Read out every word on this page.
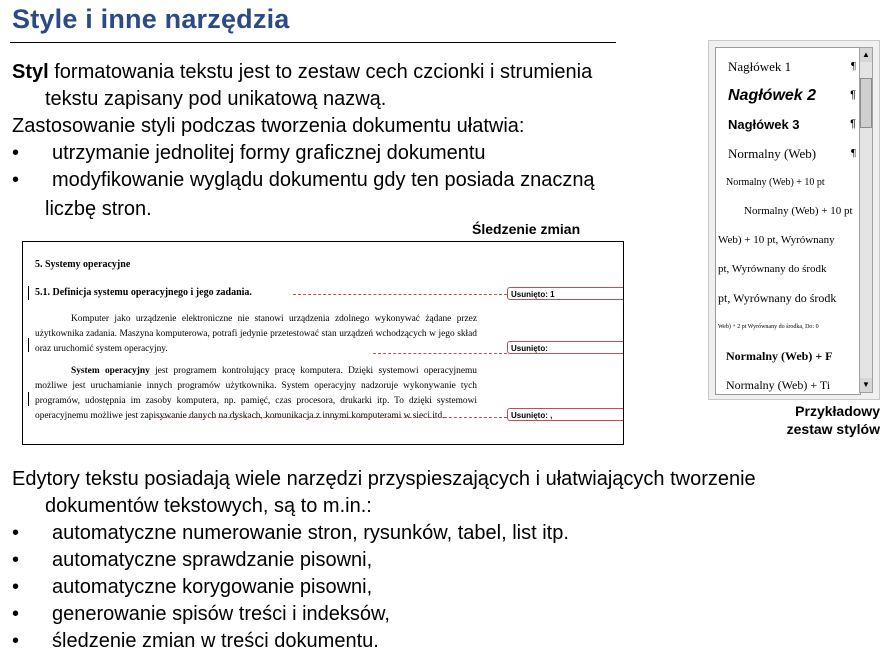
Style i inne narzędzia
Styl formatowania tekstu jest to zestaw cech czcionki i strumienia
tekstu zapisany pod unikatową nazwą.
Zastosowanie styli podczas tworzenia dokumentu ułatwia:
• utrzymanie jednolitej formy graficznej dokumentu
• modyfikowanie wyglądu dokumentu gdy ten posiada znaczną
liczbę stron.
Śledzenie zmian
5. Systemy operacyjne
5.1. Definicja systemu operacyjnego i jego zadania.
Komputer jako urządzenie elektroniczne nie stanowi urządzenia zdolnego wykonywać żądane przez użytkownika zadania. Maszyna komputerowa, potrafi jedynie przetestować stan urządzeń wchodzących w jego skład oraz uruchomić system operacyjny.
System operacyjny jest programem kontrolujący pracę komputera. Dzięki systemowi operacyjnemu możliwe jest uruchamianie innych programów użytkownika. System operacyjny nadzoruje wykonywanie tych programów, udostępnia im zasoby komputera, np. pamięć, czas procesora, drukarki itp. To dzięki systemowi operacyjnemu możliwe jest zapisywanie danych na dyskach, komunikacja z innymi komputerami w sieci itd.
Usunięto: 1
Usunięto:
Usunięto: ,
Nagłówek 1	¶
Nagłówek 2	¶
Nagłówek 3	¶
Normalny (Web)	¶
Normalny (Web) + 10 pt
Normalny (Web) + 10 pt
Web) + 10 pt, Wyrównany
pt, Wyrównany do środk
pt, Wyrównany do środk
Web) + 2 pt Wyrównany do środka, Do: 0
Normalny (Web) + F
Normalny (Web) + Ti
▲
▼
Przykładowy
zestaw stylów
Edytory tekstu posiadają wiele narzędzi przyspieszających i ułatwiających tworzenie
dokumentów tekstowych, są to m.in.:
• automatyczne numerowanie stron, rysunków, tabel, list itp.
• automatyczne sprawdzanie pisowni,
• automatyczne korygowanie pisowni,
• generowanie spisów treści i indeksów,
• śledzenie zmian w treści dokumentu.
